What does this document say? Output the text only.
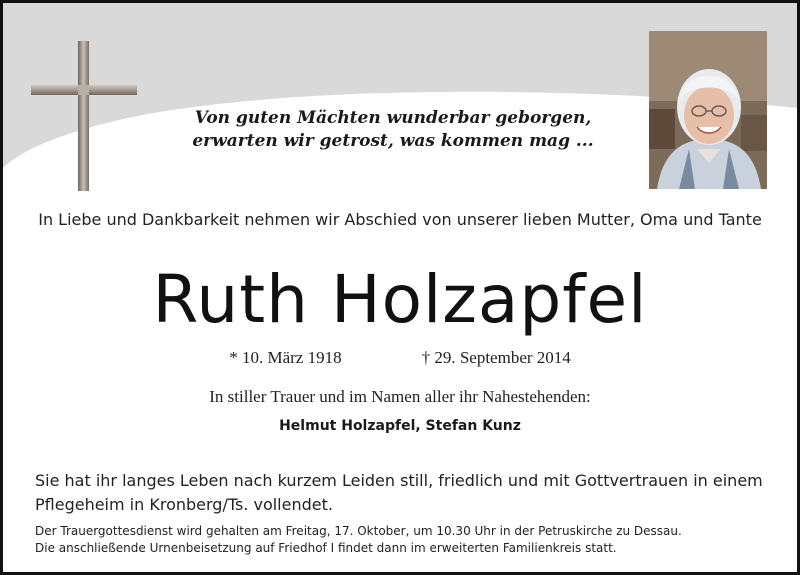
Von guten Mächten wunderbar geborgen,
erwarten wir getrost, was kommen mag ...
In Liebe und Dankbarkeit nehmen wir Abschied von unserer lieben Mutter, Oma und Tante
Ruth Holzapfel
* 10. März 1918	† 29. September 2014
In stiller Trauer und im Namen aller ihr Nahestehenden:
Helmut Holzapfel, Stefan Kunz
Sie hat ihr langes Leben nach kurzem Leiden still, friedlich und mit Gottvertrauen in einem
Pflegeheim in Kronberg/Ts. vollendet.
Der Trauergottesdienst wird gehalten am Freitag, 17. Oktober, um 10.30 Uhr in der Petruskirche zu Dessau.
Die anschließende Urnenbeisetzung auf Friedhof I findet dann im erweiterten Familienkreis statt.
